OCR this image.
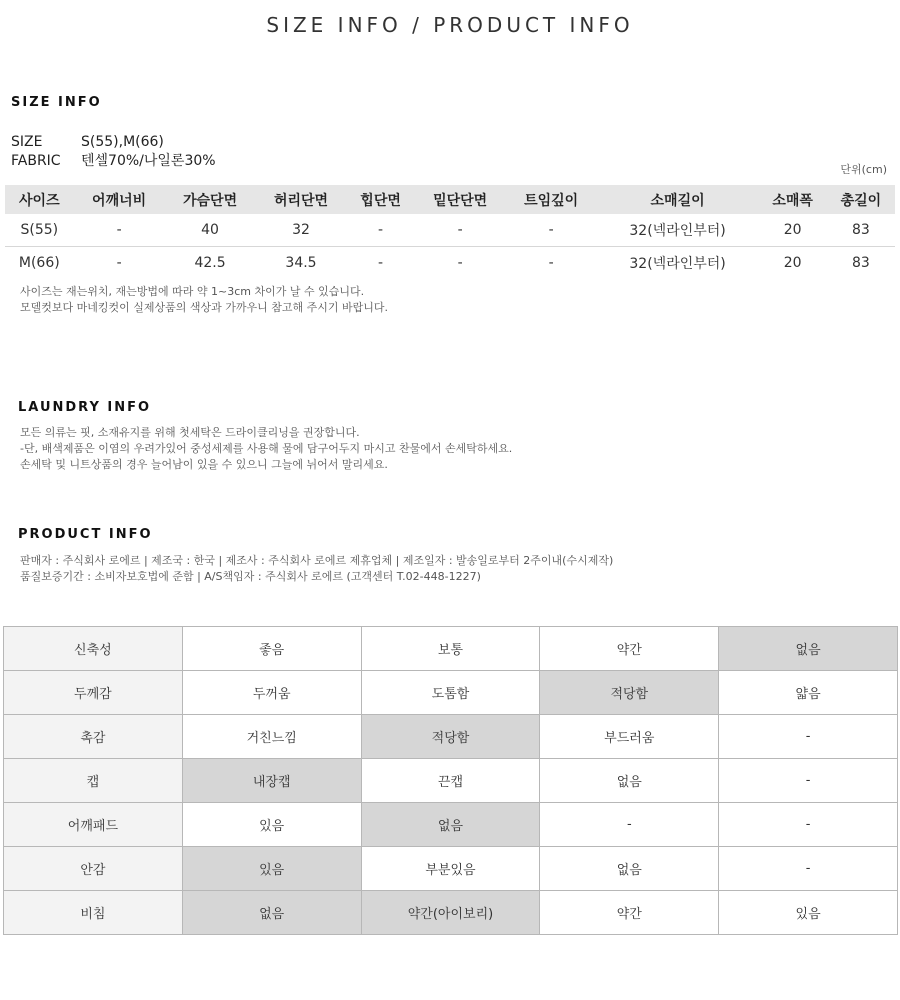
SIZE INFO / PRODUCT INFO
SIZE INFO
SIZE	S(55),M(66)
FABRIC 텐셀70%/나일론30%
단위(cm)
사이즈	어깨너비	가슴단면	허리단면	힙단면	밑단단면	트임깊이	소매길이	소매폭	총길이
S(55)	-	40	32	-	-	-	32(넥라인부터)	20	83
M(66)	-	42.5	34.5	-	-	-	32(넥라인부터)	20	83
사이즈는 재는위치, 재는방법에 따라 약 1~3cm 차이가 날 수 있습니다.
모델컷보다 마네킹컷이 실제상품의 색상과 가까우니 참고해 주시기 바랍니다.
LAUNDRY INFO
모든 의류는 핏, 소재유지를 위해 첫세탁은 드라이클리닝을 권장합니다.
-단, 배색제품은 이염의 우려가있어 중성세제를 사용해 물에 담구어두지 마시고 찬물에서 손세탁하세요.
손세탁 및 니트상품의 경우 늘어남이 있을 수 있으니 그늘에 뉘어서 말리세요.
PRODUCT INFO
판매자 : 주식회사 로에르 | 제조국 : 한국 | 제조사 : 주식회사 로에르 제휴업체 | 제조일자 : 발송일로부터 2주이내(수시제작)
품질보증기간 : 소비자보호법에 준함 | A/S책임자 : 주식회사 로에르 (고객센터 T.02-448-1227)
신축성	좋음	보통	약간	없음
두께감	두꺼움	도톰함	적당함	얇음
촉감	거친느낌	적당함	부드러움	-
캡	내장캡	끈캡	없음	-
어깨패드	있음	없음	-	-
안감	있음	부분있음	없음	-
비침	없음	약간(아이보리)	약간	있음
